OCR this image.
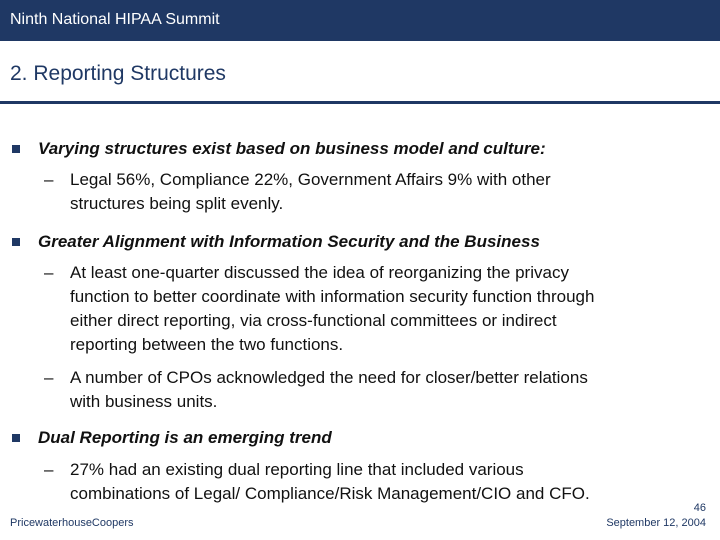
Ninth National HIPAA Summit
2. Reporting Structures
Varying structures exist based on business model and culture:
– Legal 56%, Compliance 22%, Government Affairs 9% with other
structures being split evenly.
Greater Alignment with Information Security and the Business
– At least one-quarter discussed the idea of reorganizing the privacy
function to better coordinate with information security function through
either direct reporting, via cross-functional committees or indirect
reporting between the two functions.
– A number of CPOs acknowledged the need for closer/better relations
with business units.
Dual Reporting is an emerging trend
– 27% had an existing dual reporting line that included various
combinations of Legal/ Compliance/Risk Management/CIO and CFO.
PricewaterhouseCoopers
46
September 12, 2004
